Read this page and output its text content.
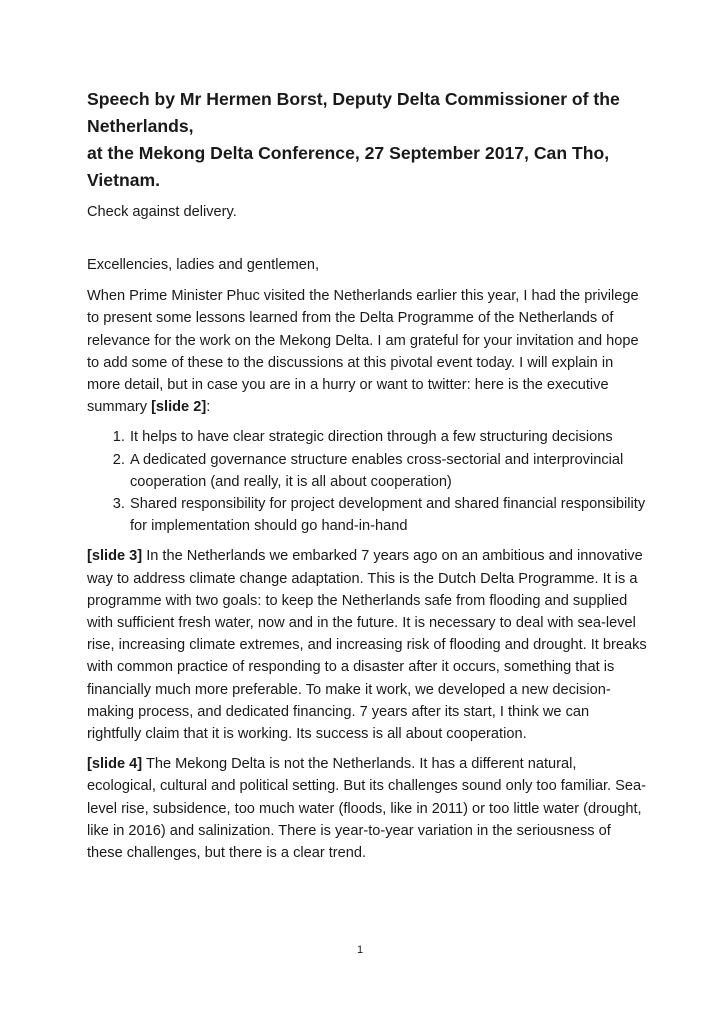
Speech by Mr Hermen Borst, Deputy Delta Commissioner of the Netherlands,
at the Mekong Delta Conference, 27 September 2017, Can Tho, Vietnam.

Check against delivery.

Excellencies, ladies and gentlemen,

When Prime Minister Phuc visited the Netherlands earlier this year, I had the privilege to present some lessons learned from the Delta Programme of the Netherlands of relevance for the work on the Mekong Delta. I am grateful for your invitation and hope to add some of these to the discussions at this pivotal event today. I will explain in more detail, but in case you are in a hurry or want to twitter: here is the executive summary [slide 2]:

1. It helps to have clear strategic direction through a few structuring decisions
2. A dedicated governance structure enables cross-sectorial and interprovincial cooperation (and really, it is all about cooperation)
3. Shared responsibility for project development and shared financial responsibility for implementation should go hand-in-hand

[slide 3] In the Netherlands we embarked 7 years ago on an ambitious and innovative way to address climate change adaptation. This is the Dutch Delta Programme. It is a programme with two goals: to keep the Netherlands safe from flooding and supplied with sufficient fresh water, now and in the future. It is necessary to deal with sea-level rise, increasing climate extremes, and increasing risk of flooding and drought. It breaks with common practice of responding to a disaster after it occurs, something that is financially much more preferable. To make it work, we developed a new decision-making process, and dedicated financing. 7 years after its start, I think we can rightfully claim that it is working. Its success is all about cooperation.

[slide 4] The Mekong Delta is not the Netherlands. It has a different natural, ecological, cultural and political setting. But its challenges sound only too familiar. Sea-level rise, subsidence, too much water (floods, like in 2011) or too little water (drought, like in 2016) and salinization. There is year-to-year variation in the seriousness of these challenges, but there is a clear trend.

1
